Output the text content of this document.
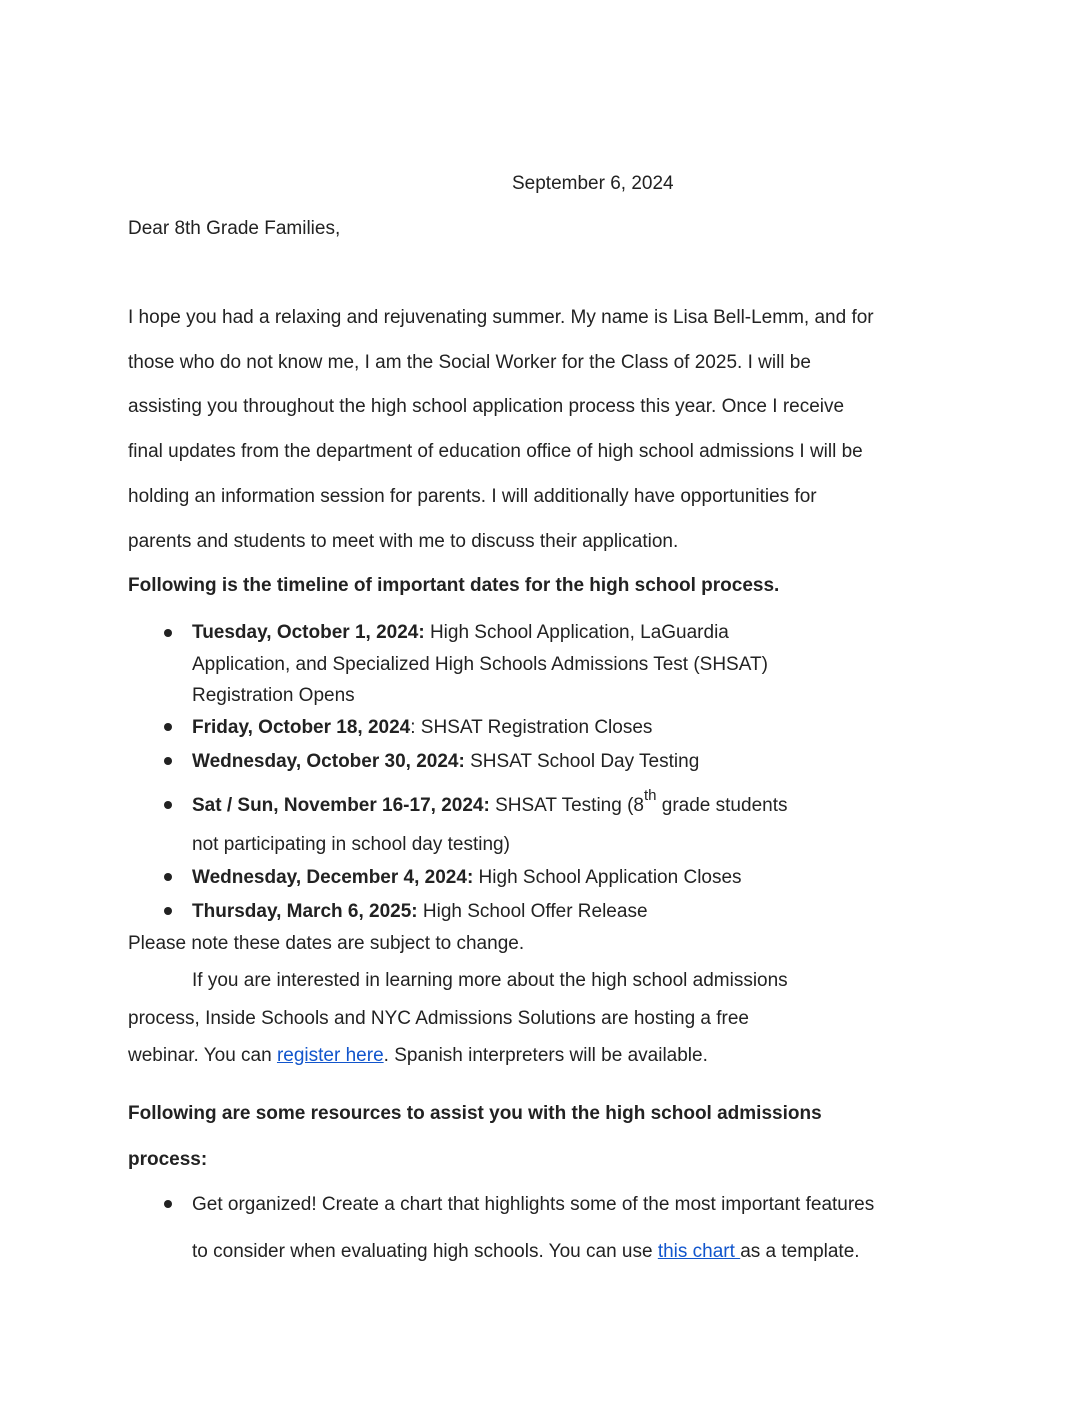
September 6, 2024
Dear 8th Grade Families,
I hope you had a relaxing and rejuvenating summer. My name is Lisa Bell-Lemm, and for
those who do not know me, I am the Social Worker for the Class of 2025. I will be
assisting you throughout the high school application process this year. Once I receive
final updates from the department of education office of high school admissions I will be
holding an information session for parents. I will additionally have opportunities for
parents and students to meet with me to discuss their application.
Following is the timeline of important dates for the high school process.
Tuesday, October 1, 2024: High School Application, LaGuardia
Application, and Specialized High Schools Admissions Test (SHSAT)
Registration Opens
Friday, October 18, 2024: SHSAT Registration Closes
Wednesday, October 30, 2024: SHSAT School Day Testing
Sat / Sun, November 16-17, 2024: SHSAT Testing (8th grade students
not participating in school day testing)
Wednesday, December 4, 2024: High School Application Closes
Thursday, March 6, 2025: High School Offer Release
Please note these dates are subject to change.
If you are interested in learning more about the high school admissions
process, Inside Schools and NYC Admissions Solutions are hosting a free
webinar. You can register here. Spanish interpreters will be available.
Following are some resources to assist you with the high school admissions
process:
Get organized! Create a chart that highlights some of the most important features
to consider when evaluating high schools. You can use this chart as a template.
